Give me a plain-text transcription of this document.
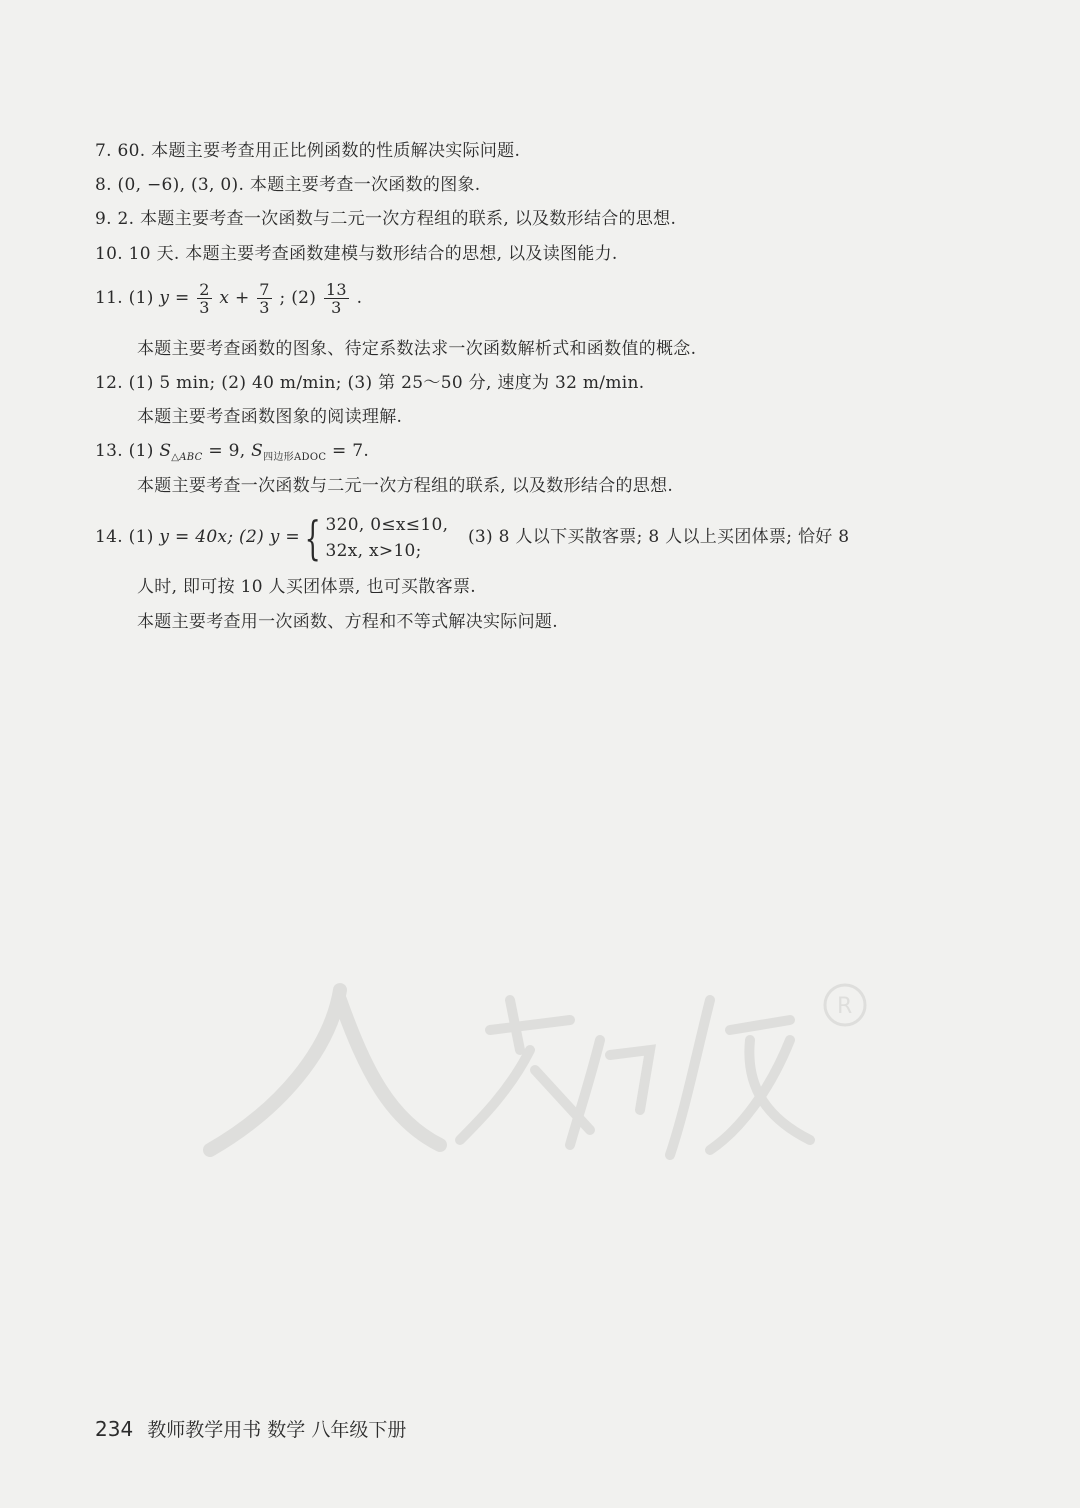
7. 60. 本题主要考查用正比例函数的性质解决实际问题.
8. (0, −6), (3, 0). 本题主要考查一次函数的图象.
9. 2. 本题主要考查一次函数与二元一次方程组的联系, 以及数形结合的思想.
10. 10 天. 本题主要考查函数建模与数形结合的思想, 以及读图能力.
11. (1) $y = \frac{2}{3}$ $x + \frac{7}{3}$ ; $(2) \frac{13}{3}$ .
本题主要考查函数的图象、待定系数法求一次函数解析式和函数值的概念.
12. (1) 5 min; (2) 40 m/min; (3) 第 25～50 分, 速度为 32 m/min.
本题主要考查函数图象的阅读理解.
13. (1) $S_{\triangle ABC} = 9$, $S_{四边形ADOC} = 7$.
本题主要考查一次函数与二元一次方程组的联系, 以及数形结合的思想.
14. (1) y = 40x; (2) y = { 320, 0≤x≤10,
32x, x>10;
(3) 8 人以下买散客票; 8 人以上买团体票; 恰好 8
人时, 即可按 10 人买团体票, 也可买散客票.
本题主要考查用一次函数、方程和不等式解决实际问题.
R
234 教师教学用书 数学 八年级下册
